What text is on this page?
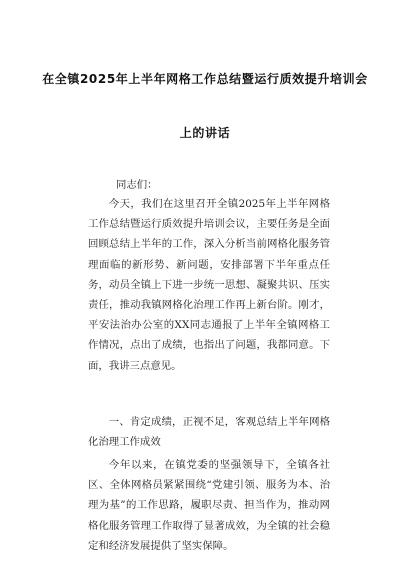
在全镇2025年上半年网格工作总结暨运行质效提升培训会
上的讲话
同志们：

今天，我们在这里召开全镇2025年上半年网格工作总结暨运行质效提升培训会议，主要任务是全面回顾总结上半年的工作，深入分析当前网格化服务管理面临的新形势、新问题，安排部署下半年重点任务，动员全镇上下进一步统一思想、凝聚共识、压实责任，推动我镇网格化治理工作再上新台阶。刚才，平安法治办公室的XX同志通报了上半年全镇网格工作情况，点出了成绩，也指出了问题，我都同意。下面，我讲三点意见。

一、肯定成绩，正视不足，客观总结上半年网格化治理工作成效

今年以来，在镇党委的坚强领导下，全镇各社区、全体网格员紧紧围绕“党建引领、服务为本、治理为基”的工作思路，履职尽责、担当作为，推动网格化服务管理工作取得了显著成效，为全镇的社会稳定和经济发展提供了坚实保障。
